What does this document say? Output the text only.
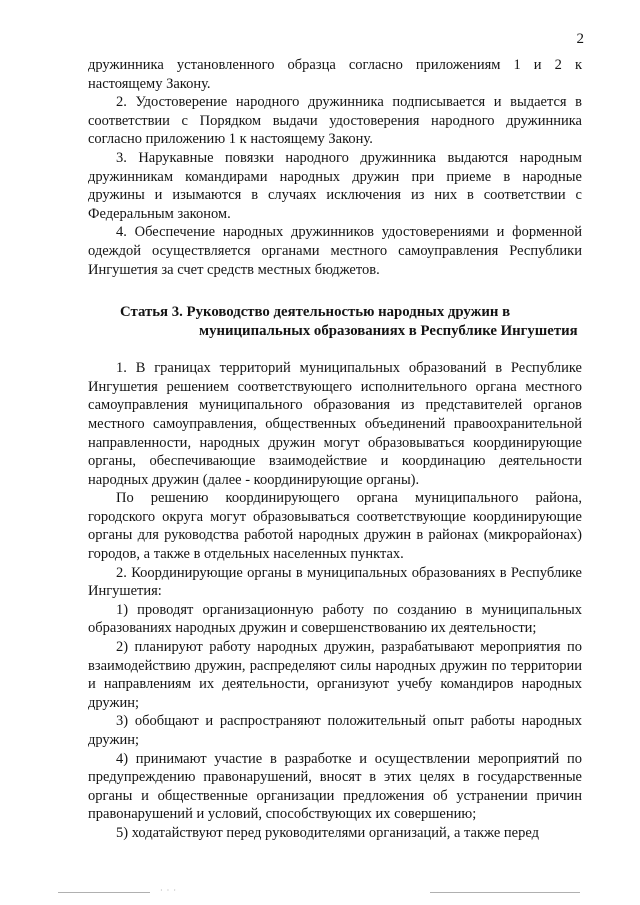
2

дружинника установленного образца согласно приложениям 1 и 2 к настоящему Закону.

2. Удостоверение народного дружинника подписывается и выдается в соответствии с Порядком выдачи удостоверения народного дружинника согласно приложению 1 к настоящему Закону.

3. Нарукавные повязки народного дружинника выдаются народным дружинникам командирами народных дружин при приеме в народные дружины и изымаются в случаях исключения из них в соответствии с Федеральным законом.

4. Обеспечение народных дружинников удостоверениями и форменной одеждой осуществляется органами местного самоуправления Республики Ингушетия за счет средств местных бюджетов.

Статья 3. Руководство деятельностью народных дружин в
муниципальных образованиях в Республике Ингушетия

1. В границах территорий муниципальных образований в Республике Ингушетия решением соответствующего исполнительного органа местного самоуправления муниципального образования из представителей органов местного самоуправления, общественных объединений правоохранительной направленности, народных дружин могут образовываться координирующие органы, обеспечивающие взаимодействие и координацию деятельности народных дружин (далее - координирующие органы).

По решению координирующего органа муниципального района, городского округа могут образовываться соответствующие координирующие органы для руководства работой народных дружин в районах (микрорайонах) городов, а также в отдельных населенных пунктах.

2. Координирующие органы в муниципальных образованиях в Республике Ингушетия:

1) проводят организационную работу по созданию в муниципальных образованиях народных дружин и совершенствованию их деятельности;

2) планируют работу народных дружин, разрабатывают мероприятия по взаимодействию дружин, распределяют силы народных дружин по территории и направлениям их деятельности, организуют учебу командиров народных дружин;

3) обобщают и распространяют положительный опыт работы народных дружин;

4) принимают участие в разработке и осуществлении мероприятий по предупреждению правонарушений, вносят в этих целях в государственные органы и общественные организации предложения об устранении причин правонарушений и условий, способствующих их совершению;

5) ходатайствуют перед руководителями организаций, а также перед

· · ·
